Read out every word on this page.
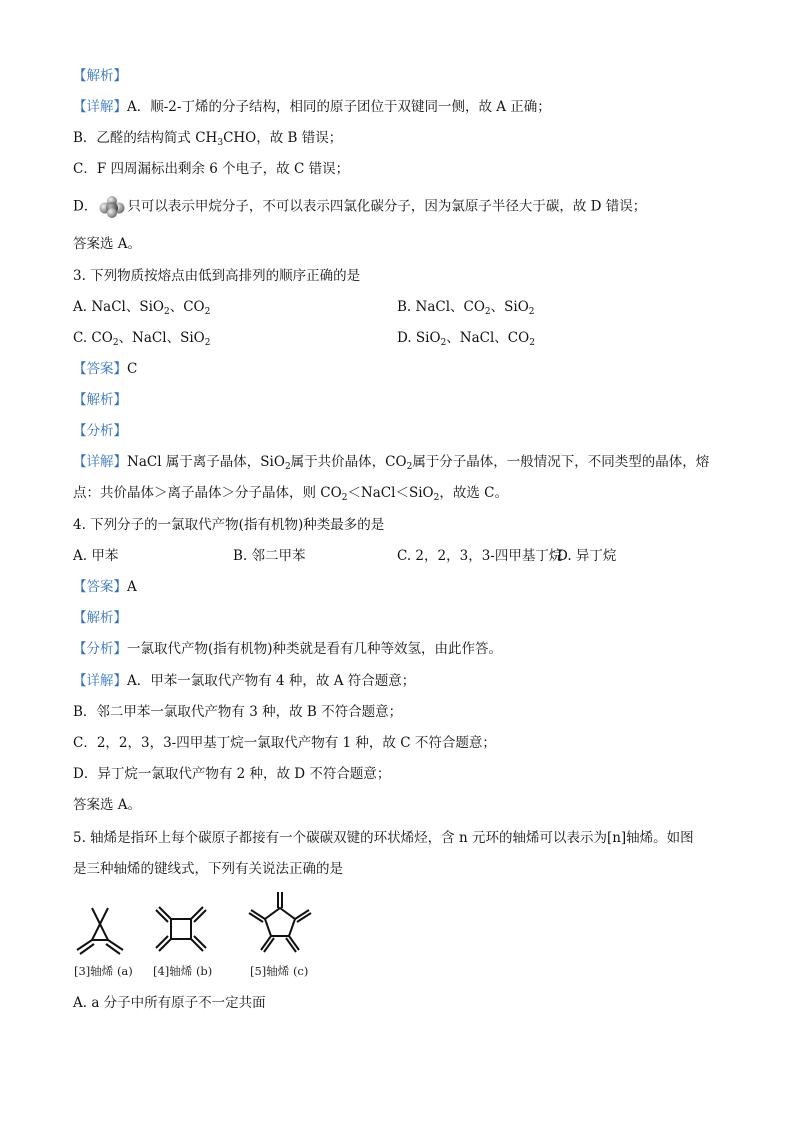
【解析】
【详解】A．顺-2-丁烯的分子结构，相同的原子团位于双键同一侧，故 A 正确；
B．乙醛的结构简式 $CH_3CHO$，故 B 错误；
C．F 四周漏标出剩余 6 个电子，故 C 错误；
D． 只可以表示甲烷分子，不可以表示四氯化碳分子，因为氯原子半径大于碳，故 D 错误；
答案选 A。
3. 下列物质按熔点由低到高排列的顺序正确的是
A. NaCl、SiO$_2$、$CO_2$	B. NaCl、$CO_2$、SiO$_2$
C. $CO_2$、NaCl、SiO$_2$	D. SiO$_2$、NaCl、$CO_2$
【答案】C
【解析】
【分析】
【详解】NaCl 属于离子晶体，SiO$_2$属于共价晶体，$CO_2$属于分子晶体，一般情况下，不同类型的晶体，熔
点：共价晶体＞离子晶体＞分子晶体，则 $CO_2<NaCl<SiO_2$，故选 C。
4. 下列分子的一氯取代产物(指有机物)种类最多的是
A. 甲苯	B. 邻二甲苯	C. 2，2，3，3-四甲基丁烷
D. 异丁烷
【答案】A
【解析】
【分析】一氯取代产物(指有机物)种类就是看有几种等效氢，由此作答。
【详解】A．甲苯一氯取代产物有 4 种，故 A 符合题意；
B．邻二甲苯一氯取代产物有 3 种，故 B 不符合题意；
C．2，2，3，3-四甲基丁烷一氯取代产物有 1 种，故 C 不符合题意；
D．异丁烷一氯取代产物有 2 种，故 D 不符合题意；
答案选 A。
5. 轴烯是指环上每个碳原子都接有一个碳碳双键的环状烯烃，含 n 元环的轴烯可以表示为[n]轴烯。如图
是三种轴烯的键线式，下列有关说法正确的是
[3]轴烯 (a) [4]轴烯 (b)	[5]轴烯 (c)
A. a 分子中所有原子不一定共面
